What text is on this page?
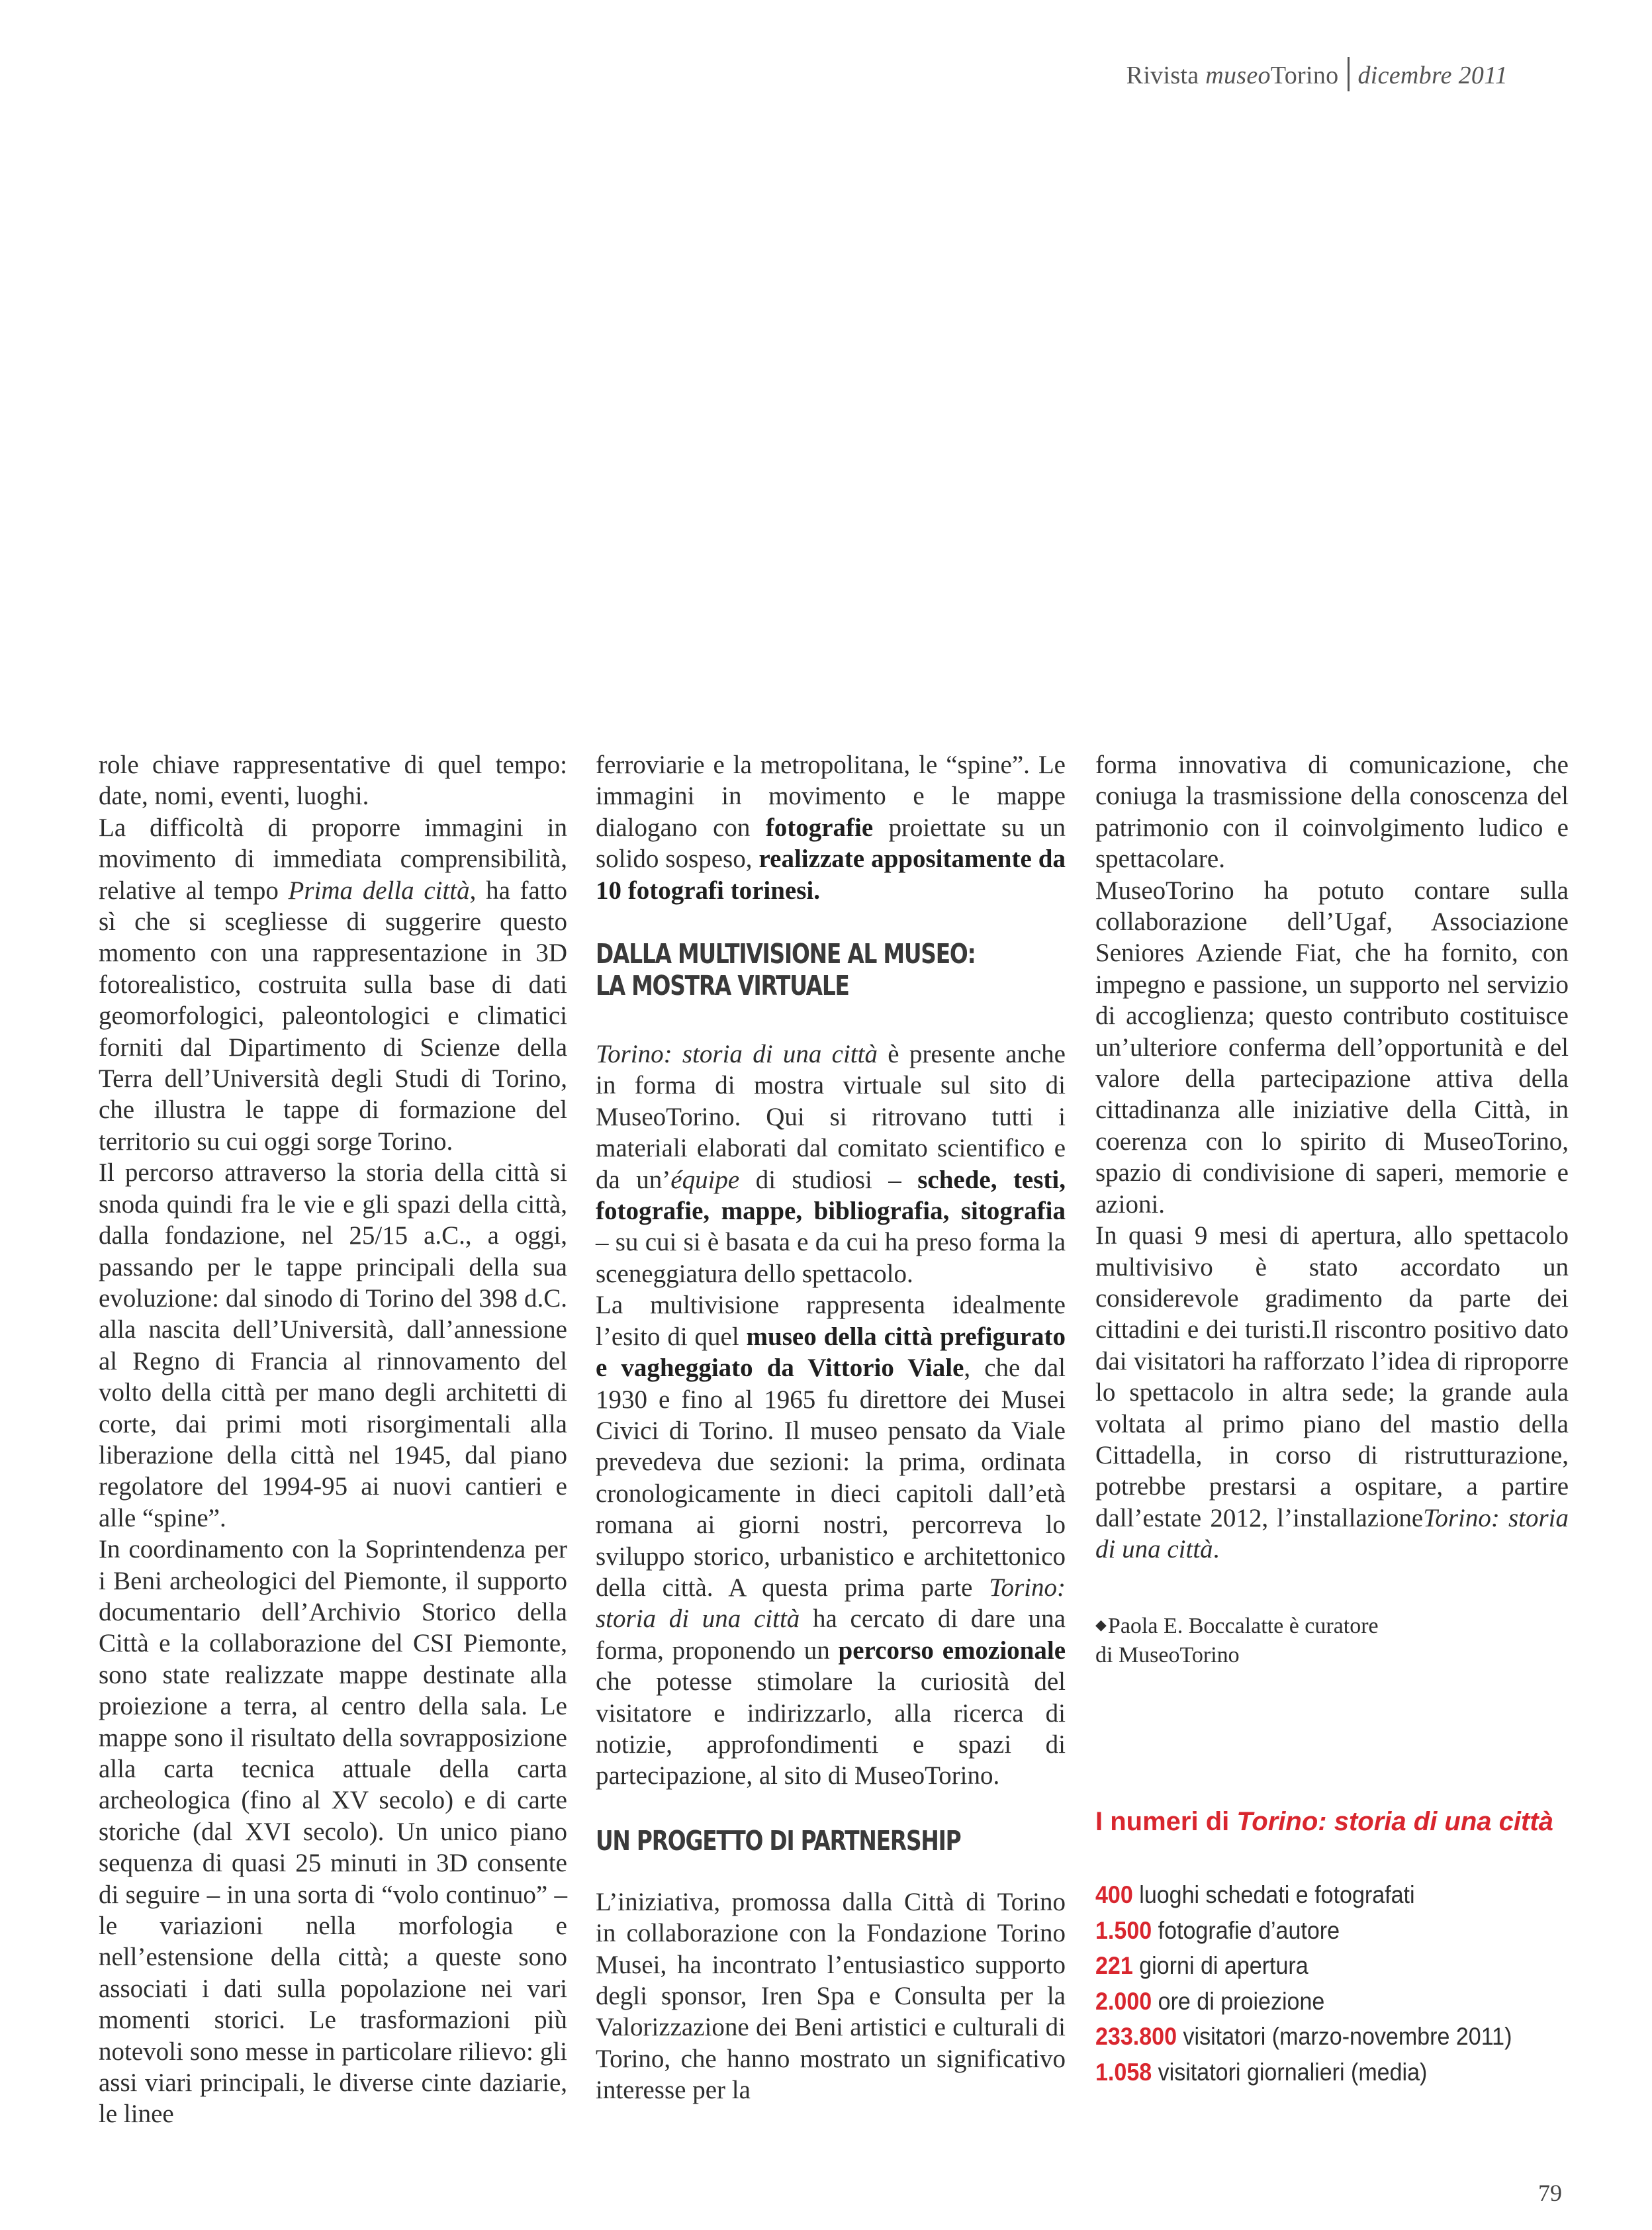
Rivista museoTorino dicembre 2011

role chiave rappresentative di quel tempo: date, nomi, eventi, luoghi.

La difficoltà di proporre immagini in movimento di immediata comprensibilità, relative al tempo Prima della città, ha fatto sì che si scegliesse di suggerire questo momento con una rappresentazione in 3D fotorealistico, costruita sulla base di dati geomorfologici, paleontologici e climatici forniti dal Dipartimento di Scienze della Terra dell’Università degli Studi di Torino, che illustra le tappe di formazione del territorio su cui oggi sorge Torino.

Il percorso attraverso la storia della città si snoda quindi fra le vie e gli spazi della città, dalla fondazione, nel 25/15 a.C., a oggi, passando per le tappe principali della sua evoluzione: dal sinodo di Torino del 398 d.C. alla nascita dell’Università, dall’annessione al Regno di Francia al rinnovamento del volto della città per mano degli architetti di corte, dai primi moti risorgimentali alla liberazione della città nel 1945, dal piano regolatore del 1994-95 ai nuovi cantieri e alle “spine”.

In coordinamento con la Soprintendenza per i Beni archeologici del Piemonte, il supporto documentario dell’Archivio Storico della Città e la collaborazione del CSI Piemonte, sono state realizzate mappe destinate alla proiezione a terra, al centro della sala. Le mappe sono il risultato della sovrapposizione alla carta tecnica attuale della carta archeologica (fino al XV secolo) e di carte storiche (dal XVI secolo). Un unico piano sequenza di quasi 25 minuti in 3D consente di seguire – in una sorta di “volo continuo” – le variazioni nella morfologia e nell’estensione della città; a queste sono associati i dati sulla popolazione nei vari momenti storici. Le trasformazioni più notevoli sono messe in particolare rilievo: gli assi viari principali, le diverse cinte daziarie, le linee

ferroviarie e la metropolitana, le “spine”. Le immagini in movimento e le mappe dialogano con fotografie proiettate su un solido sospeso, realizzate appositamente da 10 fotografi torinesi.

DALLA MULTIVISIONE AL MUSEO:
LA MOSTRA VIRTUALE

Torino: storia di una città è presente anche in forma di mostra virtuale sul sito di MuseoTorino. Qui si ritrovano tutti i materiali elaborati dal comitato scientifico e da un’équipe di studiosi – schede, testi, fotografie, mappe, bibliografia, sitografia – su cui si è basata e da cui ha preso forma la sceneggiatura dello spettacolo.

La multivisione rappresenta idealmente l’esito di quel museo della città prefigurato e vagheggiato da Vittorio Viale, che dal 1930 e fino al 1965 fu direttore dei Musei Civici di Torino. Il museo pensato da Viale prevedeva due sezioni: la prima, ordinata cronologicamente in dieci capitoli dall’età romana ai giorni nostri, percorreva lo sviluppo storico, urbanistico e architettonico della città. A questa prima parte Torino: storia di una città ha cercato di dare una forma, proponendo un percorso emozionale che potesse stimolare la curiosità del visitatore e indirizzarlo, alla ricerca di notizie, approfondimenti e spazi di partecipazione, al sito di MuseoTorino.

UN PROGETTO DI PARTNERSHIP

L’iniziativa, promossa dalla Città di Torino in collaborazione con la Fondazione Torino Musei, ha incontrato l’entusiastico supporto degli sponsor, Iren Spa e Consulta per la Valorizzazione dei Beni artistici e culturali di Torino, che hanno mostrato un significativo interesse per la

forma innovativa di comunicazione, che coniuga la trasmissione della conoscenza del patrimonio con il coinvolgimento ludico e spettacolare.

MuseoTorino ha potuto contare sulla collaborazione dell’Ugaf, Associazione Seniores Aziende Fiat, che ha fornito, con impegno e passione, un supporto nel servizio di accoglienza; questo contributo costituisce un’ulteriore conferma dell’opportunità e del valore della partecipazione attiva della cittadinanza alle iniziative della Città, in coerenza con lo spirito di MuseoTorino, spazio di condivisione di saperi, memorie e azioni.

In quasi 9 mesi di apertura, allo spettacolo multivisivo è stato accordato un considerevole gradimento da parte dei cittadini e dei turisti.Il riscontro positivo dato dai visitatori ha rafforzato l’idea di riproporre lo spettacolo in altra sede; la grande aula voltata al primo piano del mastio della Cittadella, in corso di ristrutturazione, potrebbe prestarsi a ospitare, a partire dall’estate 2012, l’installazioneTorino: storia di una città.

◆Paola E. Boccalatte è curatore
di MuseoTorino

I numeri di Torino: storia di una città
400 luoghi schedati e fotografati
1.500 fotografie d’autore
221 giorni di apertura
2.000 ore di proiezione
233.800 visitatori (marzo-novembre 2011)
1.058 visitatori giornalieri (media)
79
